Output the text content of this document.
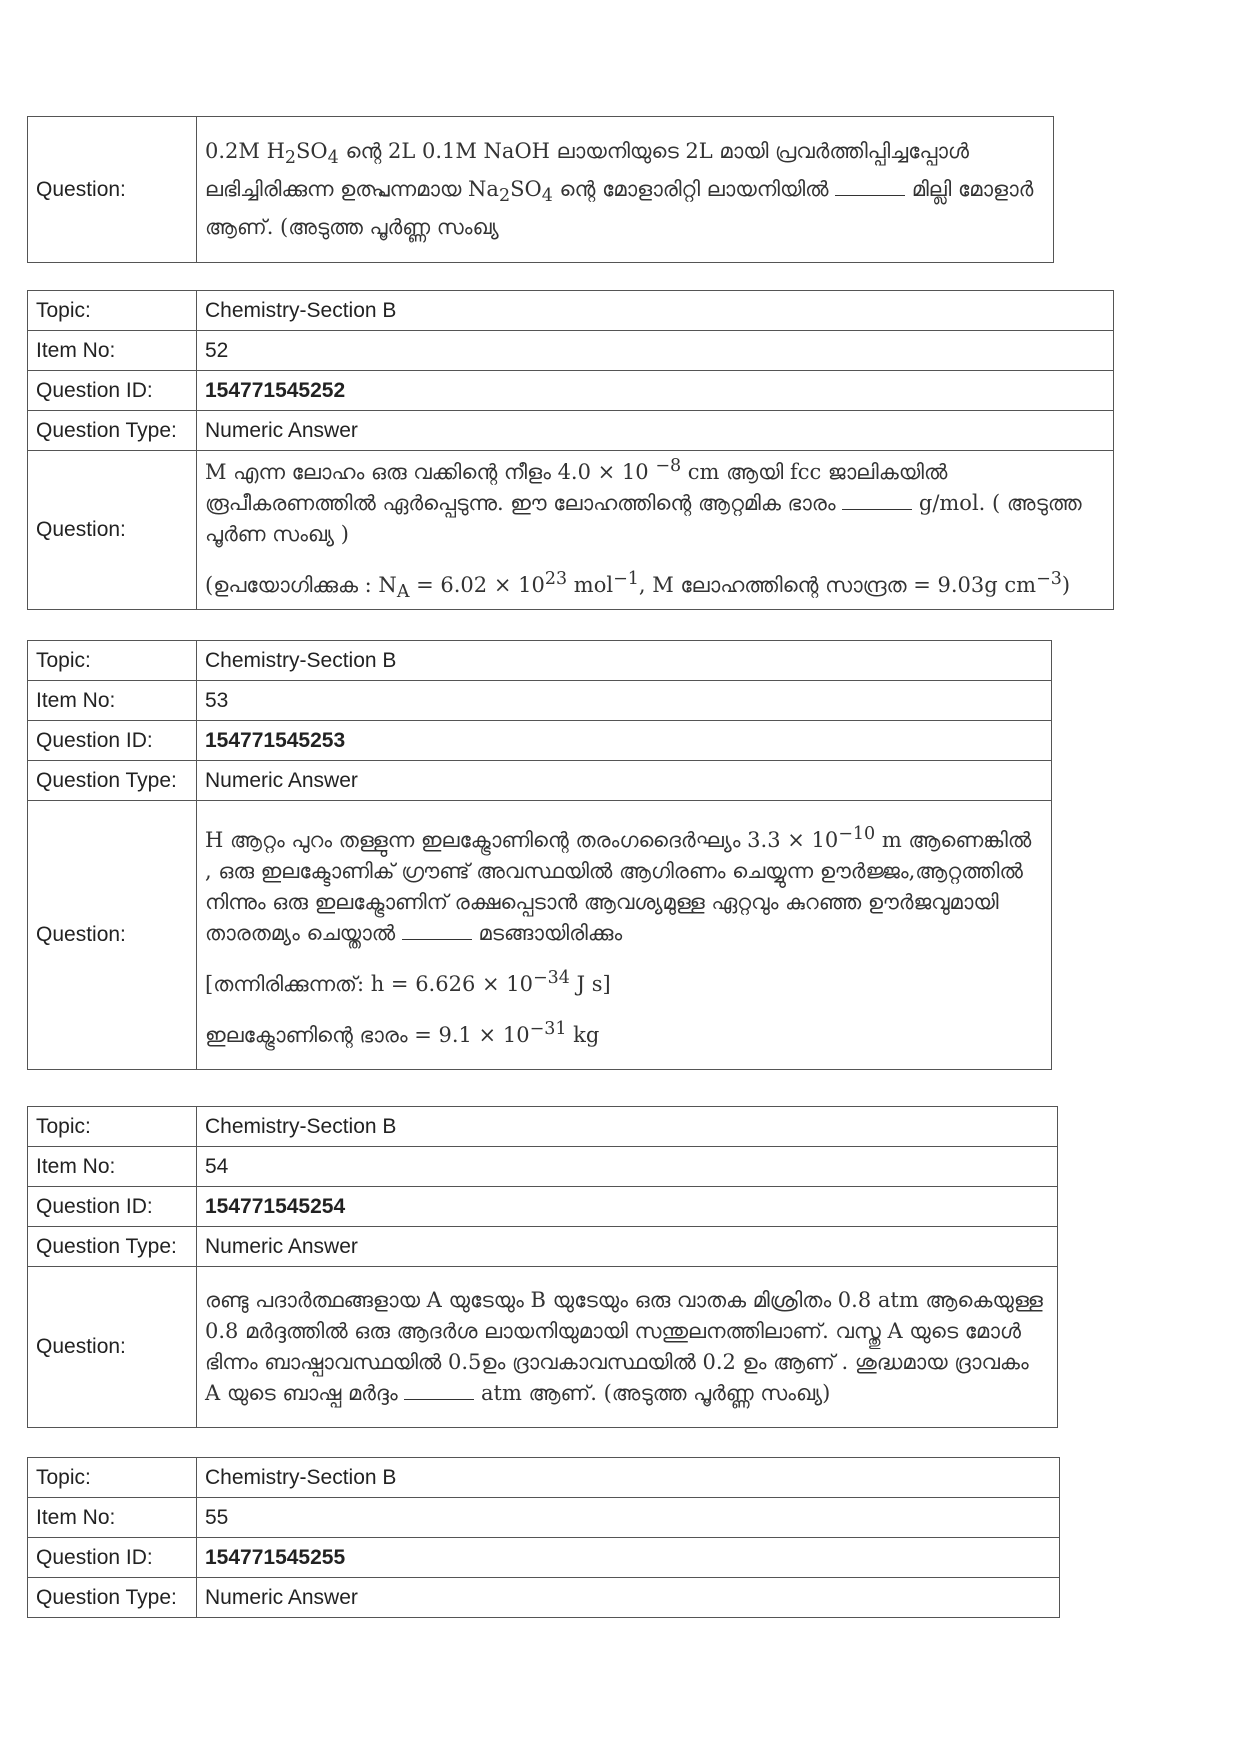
Question:	0.2M $H_2SO_4$ ന്റെ 2L 0.1M NaOH ലായനിയുടെ 2L മായി പ്രവർത്തിപ്പിച്ചപ്പോൾ ലഭിച്ചിരിക്കുന്ന ഉത്പ്പന്നമായ $Na_2SO_4$ ന്റെ മോളാരിറ്റി ലായനിയിൽ	മില്ലി മോളാർ ആണ്. (അടുത്ത പൂർണ്ണ സംഖ്യ
Topic:	Chemistry-Section B
Item No:	52
Question ID:	154771545252
Question Type:	Numeric Answer
Question:	M എന്ന ലോഹം ഒരു വക്കിന്റെ നീളം 4.0 × 10 $^{-8}$ cm ആയി fcc ജാലികയിൽ രൂപീകരണത്തിൽ ഏർപ്പെടുന്നു. ഈ ലോഹത്തിന്റെ ആറ്റമിക ഭാരം g/mol. ( അടുത്ത പൂർണ സംഖ്യ )

(ഉപയോഗിക്കുക : $N_A = 6.02 \times 10^{23}$ mol$^{-1}$, M ലോഹത്തിന്റെ സാന്ദ്രത = 9.03g $cm^{-3}$)

Topic:	Chemistry-Section B
Item No:	53
Question ID:	154771545253
Question Type:	Numeric Answer
Question:	H ആറ്റം പുറം തള്ളുന്ന ഇലക്ട്രോണിന്റെ തരംഗദൈർഘ്യം $3.3 \times 10^{-10}$ m ആണെങ്കിൽ , ഒരു ഇലക്ടോണിക് ഗ്രൗണ്ട് അവസ്ഥയിൽ ആഗിരണം ചെയ്യുന്ന ഊർജ്ജം,ആറ്റത്തിൽ നിന്നും ഒരു ഇലക്ട്രോണിന് രക്ഷപ്പെടാൻ ആവശ്യമുള്ള ഏറ്റവും കുറഞ്ഞ ഊർജവുമായി താരതമ്യം ചെയ്താൽ മടങ്ങായിരിക്കും

[തന്നിരിക്കുന്നത്: $h = 6.626 \times 10^{-34}$ J s]

ഇലക്ട്രോണിന്റെ ഭാരം = $9.1 \times 10^{-31}$ kg

Topic:	Chemistry-Section B
Item No:	54
Question ID:	154771545254
Question Type:	Numeric Answer
Question:	രണ്ടു പദാർത്ഥങ്ങളായ A യുടേയും B യുടേയും ഒരു വാതക മിശ്രിതം 0.8 atm ആകെയുള്ള 0.8 മർദ്ദത്തിൽ ഒരു ആദർശ ലായനിയുമായി സന്തുലനത്തിലാണ്. വസ്തു A യുടെ മോൾ ഭിന്നം ബാഷ്പാവസ്ഥയിൽ 0.5ഉം ദ്രാവകാവസ്ഥയിൽ 0.2 ഉം ആണ് . ശുദ്ധമായ ദ്രാവകം A യുടെ ബാഷ്പ മർദ്ദം atm ആണ്. (അടുത്ത പൂർണ്ണ സംഖ്യ)

Topic:	Chemistry-Section B
Item No:	55
Question ID:	154771545255
Question Type:	Numeric Answer
